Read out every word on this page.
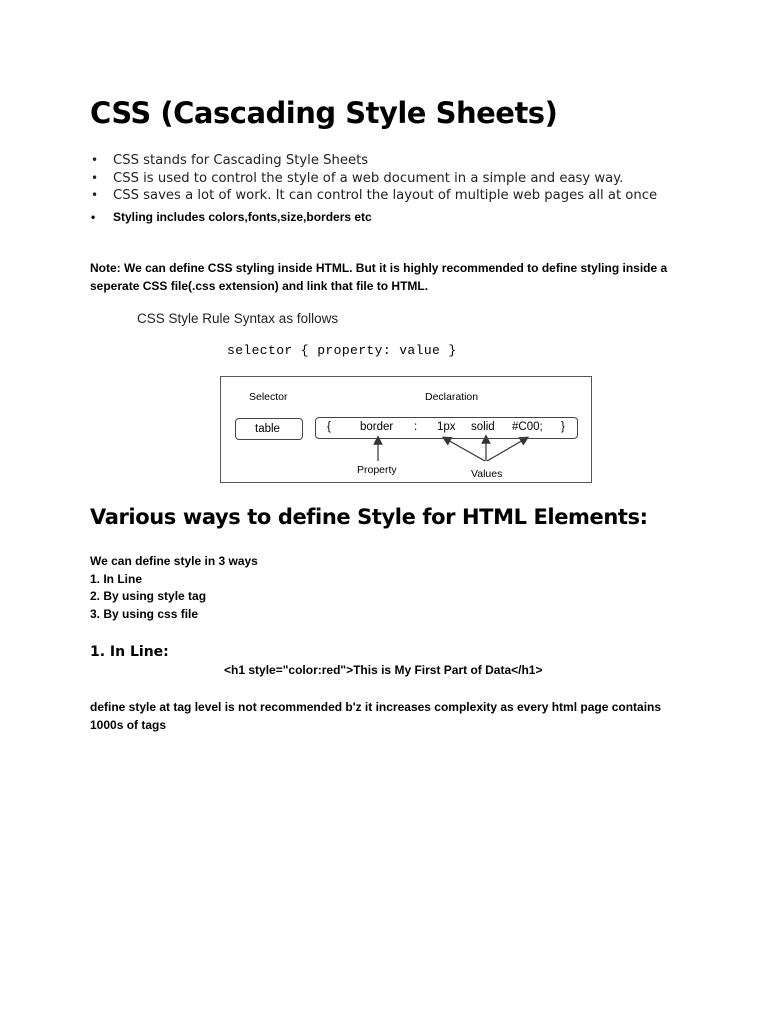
CSS (Cascading Style Sheets)
• CSS stands for Cascading Style Sheets
• CSS is used to control the style of a web document in a simple and easy way.
• CSS saves a lot of work. It can control the layout of multiple web pages all at once
• Styling includes colors,fonts,size,borders etc
Note: We can define CSS styling inside HTML. But it is highly recommended to define styling inside a seperate CSS file(.css extension) and link that file to HTML.
CSS Style Rule Syntax as follows
selector { property: value }
Selector	Declaration
table	{	border : 1px solid #C00; }
Property	Values
Various ways to define Style for HTML Elements:
We can define style in 3 ways
1. In Line
2. By using style tag
3. By using css file
1. In Line:
<h1 style="color:red">This is My First Part of Data</h1>
define style at tag level is not recommended b'z it increases complexity as every html page contains 1000s of tags
